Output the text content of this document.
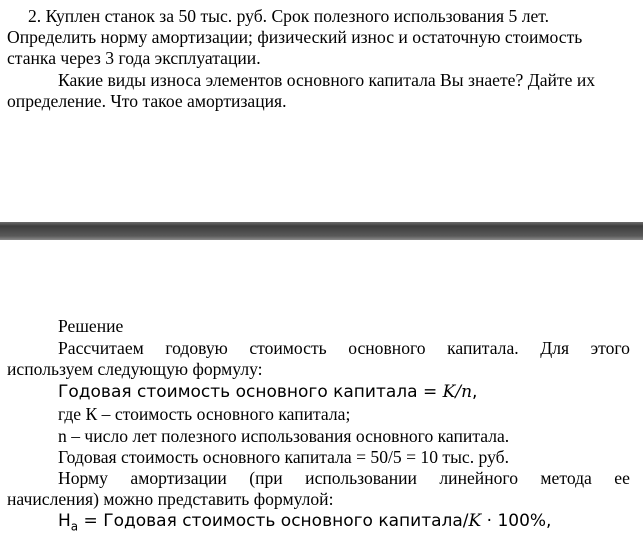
2. Куплен станок за 50 тыс. руб. Срок полезного использования 5 лет.
Определить норму амортизации; физический износ и остаточную стоимость
станка через 3 года эксплуатации.
Какие виды износа элементов основного капитала Вы знаете? Дайте их
определение. Что такое амортизация.
Решение
Рассчитаем годовую стоимость основного капитала. Для этого
используем следующую формулу:
Годовая стоимость основного капитала = K/n,
где К – стоимость основного капитала;
n – число лет полезного использования основного капитала.
Годовая стоимость основного капитала = 50/5 = 10 тыс. руб.
Норму амортизации (при использовании линейного метода ее
начисления) можно представить формулой:
$Н_а$ = Годовая стоимость основного капитала/K · 100%,
